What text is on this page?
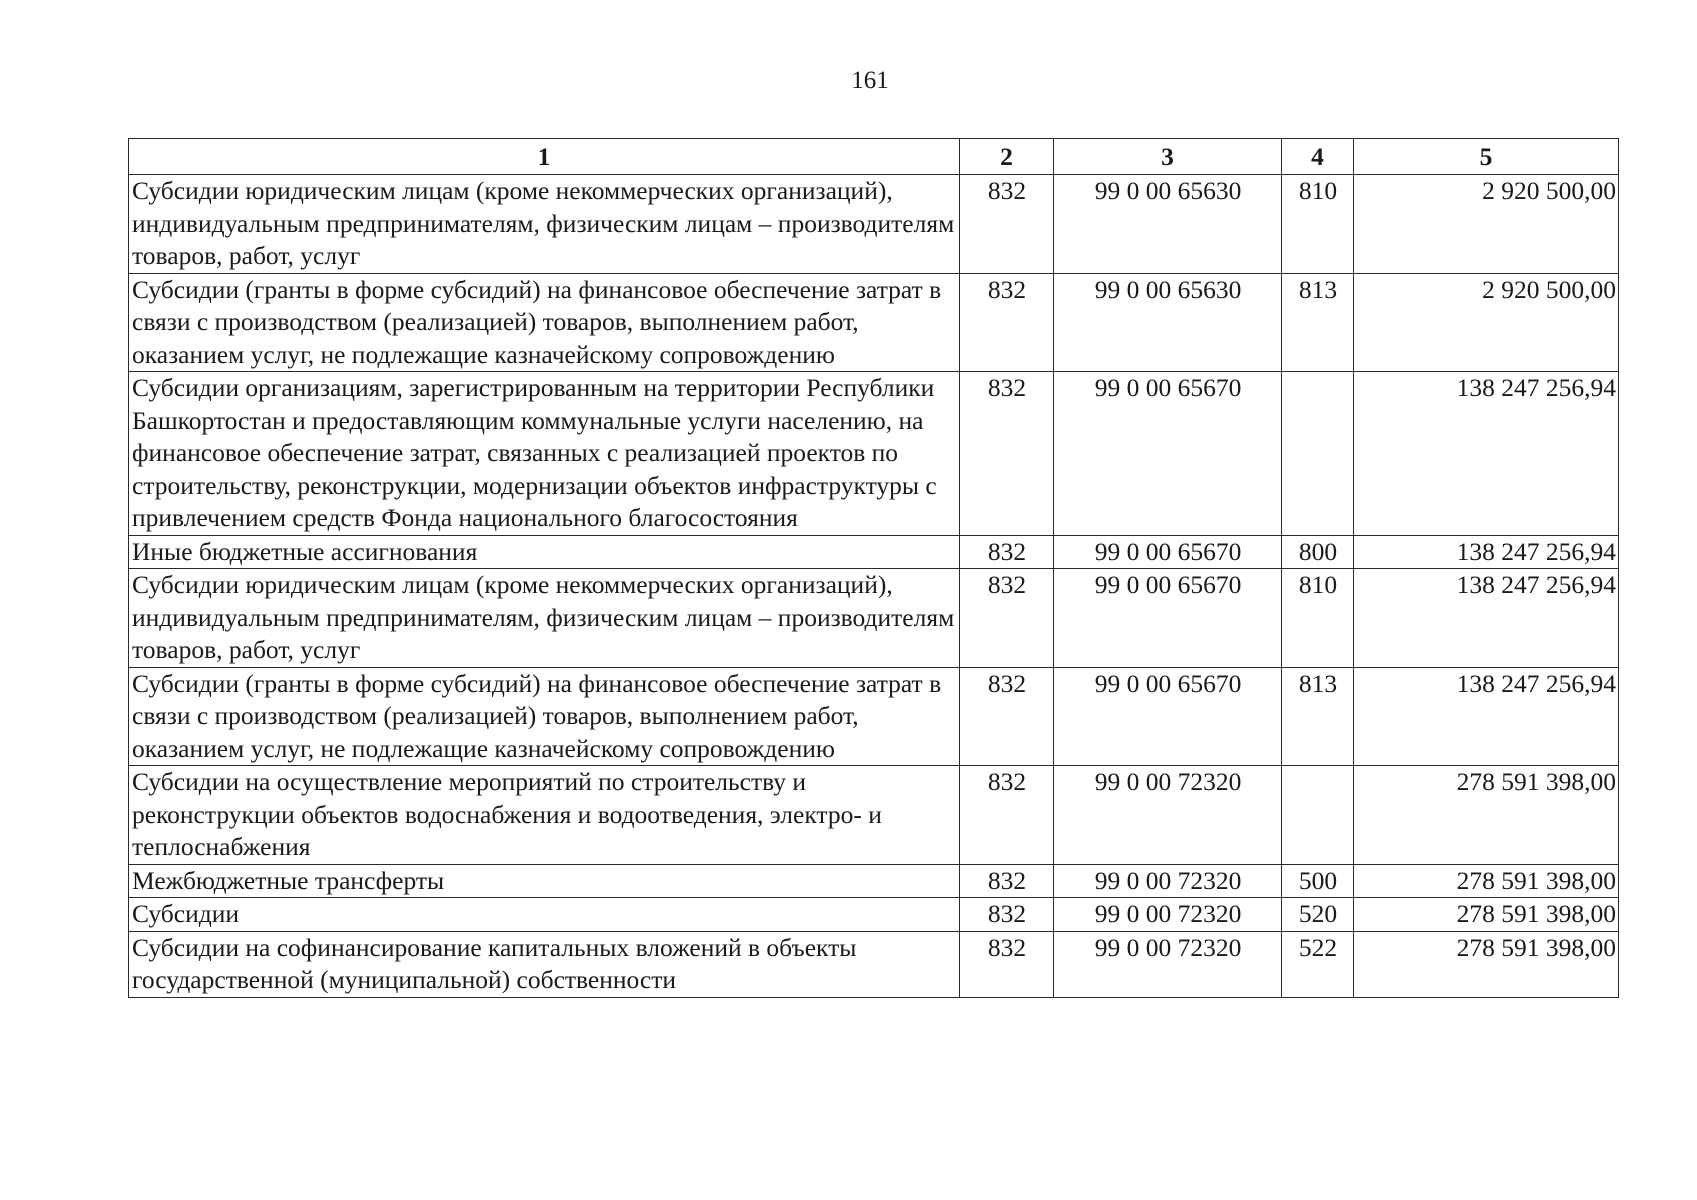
161
1	2	3	4	5
Субсидии юридическим лицам (кроме некоммерческих организаций), индивидуальным предпринимателям, физическим лицам – производителям товаров, работ, услуг	832	99 0 00 65630	810	2 920 500,00
Субсидии (гранты в форме субсидий) на финансовое обеспечение затрат в связи с производством (реализацией) товаров, выполнением работ, оказанием услуг, не подлежащие казначейскому сопровождению	832	99 0 00 65630	813	2 920 500,00
Субсидии организациям, зарегистрированным на территории Республики Башкортостан и предоставляющим коммунальные услуги населению, на финансовое обеспечение затрат, связанных с реализацией проектов по строительству, реконструкции, модернизации объектов инфраструктуры с привлечением средств Фонда национального благосостояния	832	99 0 00 65670		138 247 256,94
Иные бюджетные ассигнования	832	99 0 00 65670	800	138 247 256,94
Субсидии юридическим лицам (кроме некоммерческих организаций), индивидуальным предпринимателям, физическим лицам – производителям товаров, работ, услуг	832	99 0 00 65670	810	138 247 256,94
Субсидии (гранты в форме субсидий) на финансовое обеспечение затрат в связи с производством (реализацией) товаров, выполнением работ, оказанием услуг, не подлежащие казначейскому сопровождению	832	99 0 00 65670	813	138 247 256,94
Субсидии на осуществление мероприятий по строительству и реконструкции объектов водоснабжения и водоотведения, электро- и теплоснабжения	832	99 0 00 72320		278 591 398,00
Межбюджетные трансферты	832	99 0 00 72320	500	278 591 398,00
Субсидии	832	99 0 00 72320	520	278 591 398,00
Субсидии на софинансирование капитальных вложений в объекты государственной (муниципальной) собственности	832	99 0 00 72320	522	278 591 398,00
